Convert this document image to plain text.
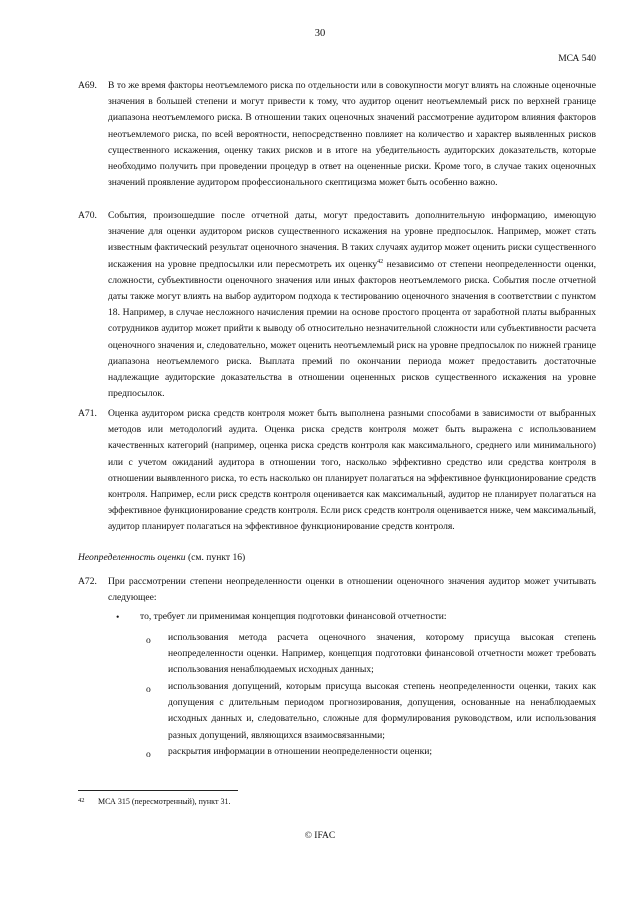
30
МСА 540
A69.	В то же время факторы неотъемлемого риска по отдельности или в совокупности могут влиять на сложные оценочные значения в большей степени и могут привести к тому, что аудитор оценит неотъемлемый риск по верхней границе диапазона неотъемлемого риска. В отношении таких оценочных значений рассмотрение аудитором влияния факторов неотъемлемого риска, по всей вероятности, непосредственно повлияет на количество и характер выявленных рисков существенного искажения, оценку таких рисков и в итоге на убедительность аудиторских доказательств, которые необходимо получить при проведении процедур в ответ на оцененные риски. Кроме того, в случае таких оценочных значений проявление аудитором профессионального скептицизма может быть особенно важно.

A70.	События, произошедшие после отчетной даты, могут предоставить дополнительную информацию, имеющую значение для оценки аудитором рисков существенного искажения на уровне предпосылок. Например, может стать известным фактический результат оценочного значения. В таких случаях аудитор может оценить риски существенного искажения на уровне предпосылки или пересмотреть их оценку$^{42}$ независимо от степени неопределенности оценки, сложности, субъективности оценочного значения или иных факторов неотъемлемого риска. События после отчетной даты также могут влиять на выбор аудитором подхода к тестированию оценочного значения в соответствии с пунктом 18. Например, в случае несложного начисления премии на основе простого процента от заработной платы выбранных сотрудников аудитор может прийти к выводу об относительно незначительной сложности или субъективности расчета оценочного значения и, следовательно, может оценить неотъемлемый риск на уровне предпосылок по нижней границе диапазона неотъемлемого риска. Выплата премий по окончании периода может предоставить достаточные надлежащие аудиторские доказательства в отношении оцененных рисков существенного искажения на уровне предпосылок.

A71.	Оценка аудитором риска средств контроля может быть выполнена разными способами в зависимости от выбранных методов или методологий аудита. Оценка риска средств контроля может быть выражена с использованием качественных категорий (например, оценка риска средств контроля как максимального, среднего или минимального) или с учетом ожиданий аудитора в отношении того, насколько эффективно средство или средства контроля в отношении выявленного риска, то есть насколько он планирует полагаться на эффективное функционирование средств контроля. Например, если риск средств контроля оценивается как максимальный, аудитор не планирует полагаться на эффективное функционирование средств контроля. Если риск средств контроля оценивается ниже, чем максимальный, аудитор планирует полагаться на эффективное функционирование средств контроля.

Неопределенность оценки (см. пункт 16)
A72.	При рассмотрении степени неопределенности оценки в отношении оценочного значения аудитор может учитывать следующее:

• то, требует ли применимая концепция подготовки финансовой отчетности:
o использования метода расчета оценочного значения, которому присуща высокая степень неопределенности оценки. Например, концепция подготовки финансовой отчетности может требовать использования ненаблюдаемых исходных данных;
o использования допущений, которым присуща высокая степень неопределенности оценки, таких как допущения с длительным периодом прогнозирования, допущения, основанные на ненаблюдаемых исходных данных и, следовательно, сложные для формулирования руководством, или использования разных допущений, являющихся взаимосвязанными;
o раскрытия информации в отношении неопределенности оценки;
42 МСА 315 (пересмотренный), пункт 31.
© IFAC
